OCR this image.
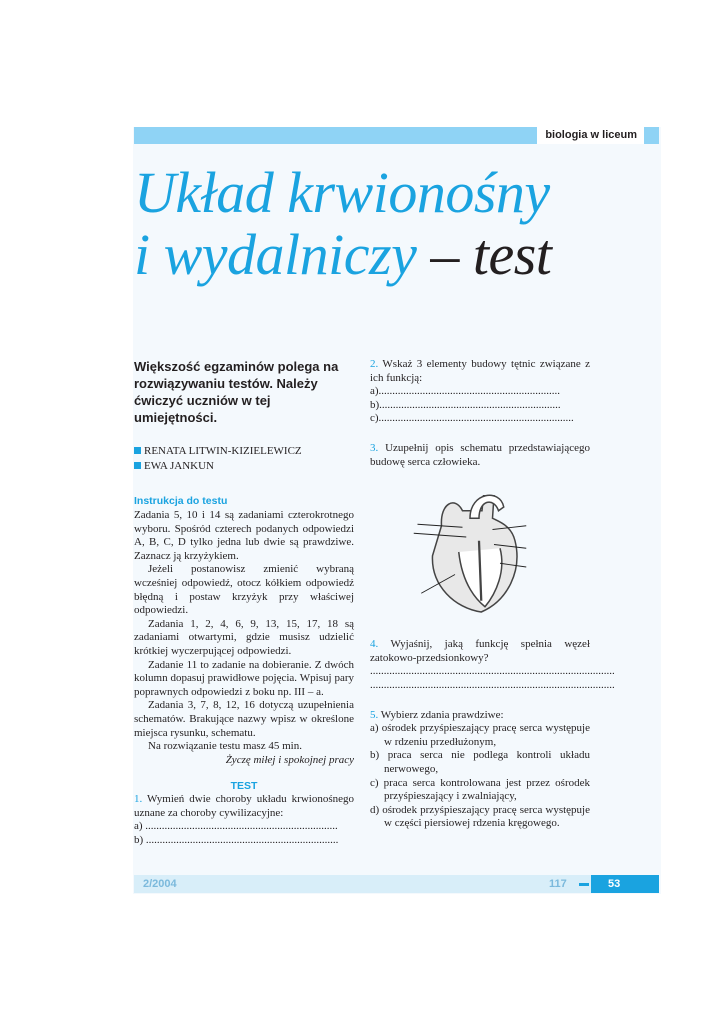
biologia w liceum
Układ krwionośny
i wydalniczy – test

Większość egzaminów polega na rozwiązywaniu testów. Należy ćwiczyć uczniów w tej umiejętności.

RENATA LITWIN-KIZIELEWICZ

EWA JANKUN

Instrukcja do testu

Zadania 5, 10 i 14 są zadaniami czterokrotnego wyboru. Spośród czterech podanych odpowiedzi A, B, C, D tylko jedna lub dwie są prawdziwe. Zaznacz ją krzyżykiem.

Jeżeli postanowisz zmienić wybraną wcześniej odpowiedź, otocz kółkiem odpowiedź błędną i postaw krzyżyk przy właściwej odpowiedzi.

Zadania 1, 2, 4, 6, 9, 13, 15, 17, 18 są zadaniami otwartymi, gdzie musisz udzielić krótkiej wyczerpującej odpowiedzi.

Zadanie 11 to zadanie na dobieranie. Z dwóch kolumn dopasuj prawidłowe pojęcia. Wpisuj pary poprawnych odpowiedzi z boku np. III – a.

Zadania 3, 7, 8, 12, 16 dotyczą uzupełnienia schematów. Brakujące nazwy wpisz w określone miejsca rysunku, schematu.

Na rozwiązanie testu masz 45 min.

Życzę miłej i spokojnej pracy

TEST

1. Wymień dwie choroby układu krwionośnego uznane za choroby cywilizacyjne:

a) ......................................................................

b) ......................................................................

2. Wskaż 3 elementy budowy tętnic związane z ich funkcją:

a)..................................................................

b)..................................................................

c).......................................................................

3. Uzupełnij opis schematu przedstawiającego budowę serca człowieka.

4. Wyjaśnij, jaką funkcję spełnia węzeł zatokowo-przedsionkowy?

.........................................................................................

.........................................................................................

5. Wybierz zdania prawdziwe:

a) ośrodek przyśpieszający pracę serca występuje w rdzeniu przedłużonym,

b) praca serca nie podlega kontroli układu nerwowego,

c) praca serca kontrolowana jest przez ośrodek przyśpieszający i zwalniający,

d) ośrodek przyśpieszający pracę serca występuje w części piersiowej rdzenia kręgowego.

2/2004	117	53
